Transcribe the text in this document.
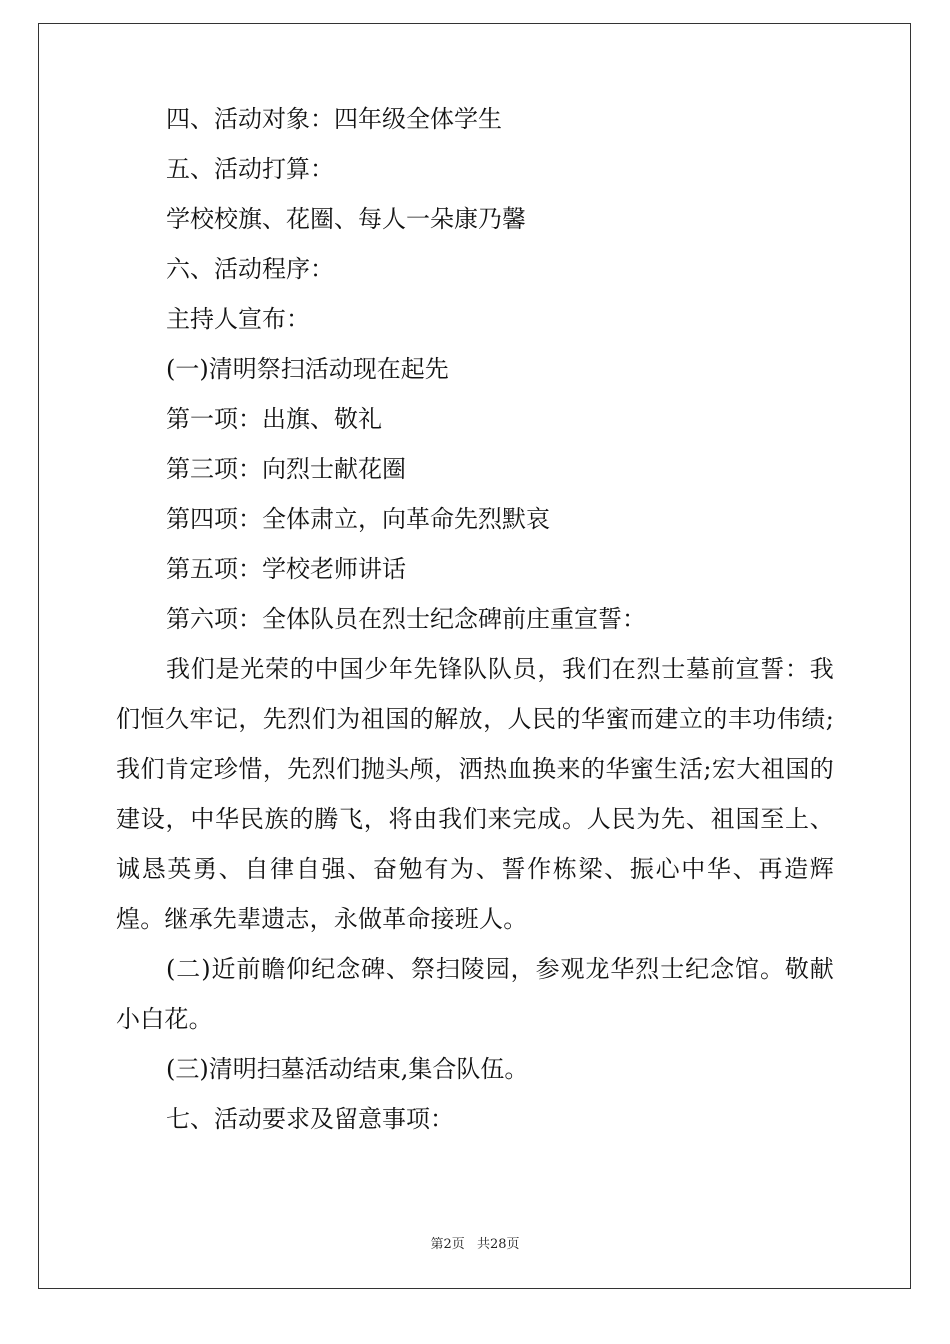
四、活动对象：四年级全体学生
五、活动打算：
学校校旗、花圈、每人一朵康乃馨
六、活动程序：
主持人宣布：
(一)清明祭扫活动现在起先
第一项：出旗、敬礼
第三项：向烈士献花圈
第四项：全体肃立，向革命先烈默哀
第五项：学校老师讲话
第六项：全体队员在烈士纪念碑前庄重宣誓：

我们是光荣的中国少年先锋队队员，我们在烈士墓前宣誓：我们恒久牢记，先烈们为祖国的解放，人民的华蜜而建立的丰功伟绩;我们肯定珍惜，先烈们抛头颅，洒热血换来的华蜜生活;宏大祖国的建设，中华民族的腾飞，将由我们来完成。人民为先、祖国至上、诚恳英勇、自律自强、奋勉有为、誓作栋梁、振心中华、再造辉煌。继承先辈遗志，永做革命接班人。

(二)近前瞻仰纪念碑、祭扫陵园，参观龙华烈士纪念馆。敬献小白花。

(三)清明扫墓活动结束,集合队伍。
七、活动要求及留意事项：
第2页 共28页
